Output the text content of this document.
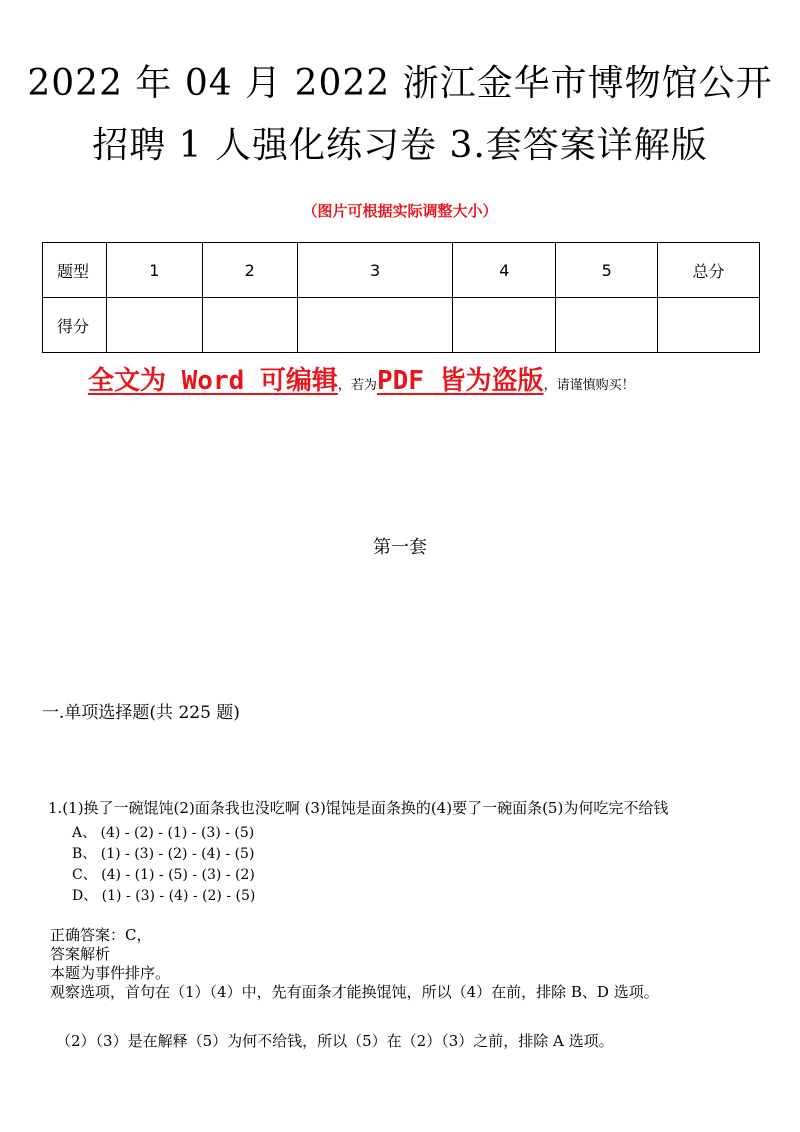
2022 年 04 月 2022 浙江金华市博物馆公开
招聘 1 人强化练习卷 3.套答案详解版
（图片可根据实际调整大小）
题型	1	2	3	4	5	总分
得分						
全文为 Word 可编辑，若为PDF 皆为盗版，请谨慎购买！
第一套
一.单项选择题(共 225 题)
1.(1)换了一碗馄饨(2)面条我也没吃啊 (3)馄饨是面条换的(4)要了一碗面条(5)为何吃完不给钱
A、 (4) - (2) - (1) - (3) - (5)
B、 (1) - (3) - (2) - (4) - (5)
C、 (4) - (1) - (5) - (3) - (2)
D、 (1) - (3) - (4) - (2) - (5)
正确答案：C，
答案解析
本题为事件排序。
观察选项，首句在（1）（4）中，先有面条才能换馄饨，所以（4）在前，排除 B、D 选项。
（2）（3）是在解释（5）为何不给钱，所以（5）在（2）（3）之前，排除 A 选项。
